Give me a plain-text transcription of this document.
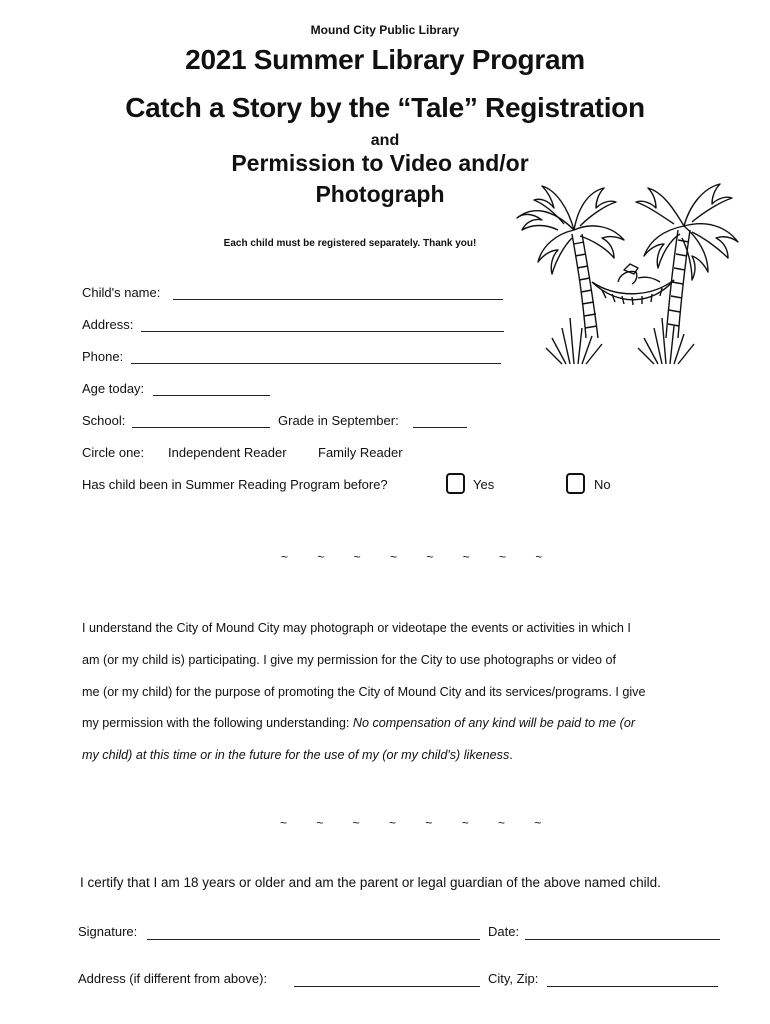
Mound City Public Library
2021 Summer Library Program
Catch a Story by the “Tale” Registration
and
Permission to Video and/or
Photograph
Each child must be registered separately. Thank you!
Child's name:
Address:
Phone:
Age today:
School:	Grade in September:
Circle one: Independent Reader Family Reader
Has child been in Summer Reading Program before?	Yes	No
~ ~ ~ ~ ~ ~ ~ ~
I understand the City of Mound City may photograph or videotape the events or activities in which I
am (or my child is) participating. I give my permission for the City to use photographs or video of
me (or my child) for the purpose of promoting the City of Mound City and its services/programs. I give
my permission with the following understanding: No compensation of any kind will be paid to me (or
my child) at this time or in the future for the use of my (or my child's) likeness.
~ ~ ~ ~ ~ ~ ~ ~
I certify that I am 18 years or older and am the parent or legal guardian of the above named child.
Signature:	Date:
Address (if different from above):	City, Zip:
